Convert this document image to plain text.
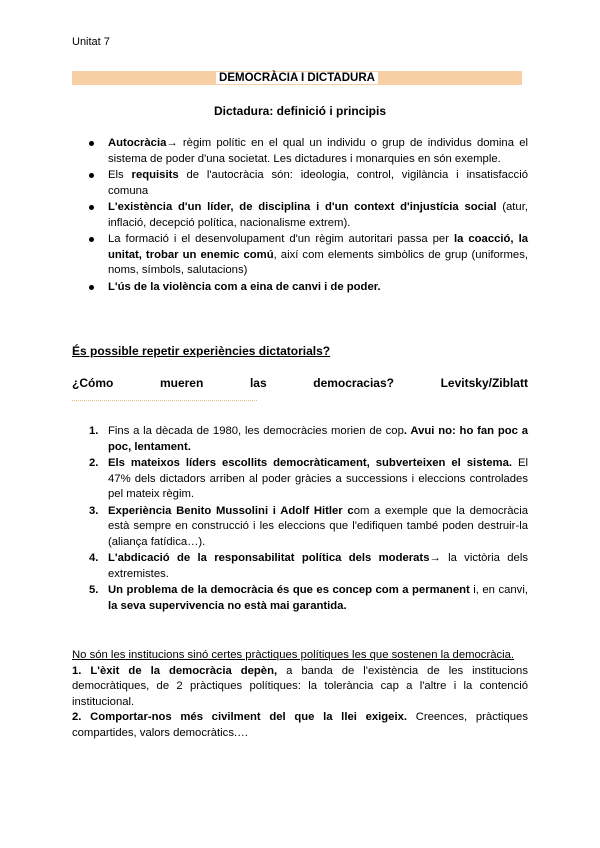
Unitat 7
DEMOCRÀCIA I DICTADURA
Dictadura: definició i principis
Autocràcia→ règim polític en el qual un individu o grup de individus domina el sistema de poder d'una societat. Les dictadures i monarquies en són exemple.
Els requisits de l'autocràcia són: ideologia, control, vigilància i insatisfacció comuna
L'existència d'un líder, de disciplina i d'un context d'injustícia social (atur, inflació, decepció política, nacionalisme extrem).
La formació i el desenvolupament d'un règim autoritari passa per la coacció, la unitat, trobar un enemic comú, així com elements simbòlics de grup (uniformes, noms, símbols, salutacions)
L'ús de la violència com a eina de canvi i de poder.
És possible repetir experiències dictatorials?
¿Cómo	mueren	las	democracias?	Levitsky/Ziblatt
1. Fins a la dècada de 1980, les democràcies morien de cop. Avui no: ho fan poc a poc, lentament.
2. Els mateixos líders escollits democràticament, subverteixen el sistema. El 47% dels dictadors arriben al poder gràcies a successions i eleccions controlades pel mateix règim.
3. Experiència Benito Mussolini i Adolf Hitler com a exemple que la democràcia està sempre en construcció i les eleccions que l'edifiquen també poden destruir-la (aliança fatídica…).
4. L'abdicació de la responsabilitat política dels moderats→ la victòria dels extremistes.
5. Un problema de la democràcia és que es concep com a permanent i, en canvi, la seva supervivencia no està mai garantida.

No són les institucions sinó certes pràctiques polítiques les que sostenen la democràcia.

1. L'èxit de la democràcia depèn, a banda de l'existència de les institucions democràtiques, de 2 pràctiques polítiques: la tolerància cap a l'altre i la contenció institucional.

2. Comportar-nos més civilment del que la llei exigeix. Creences, pràctiques compartides, valors democràtics.…
